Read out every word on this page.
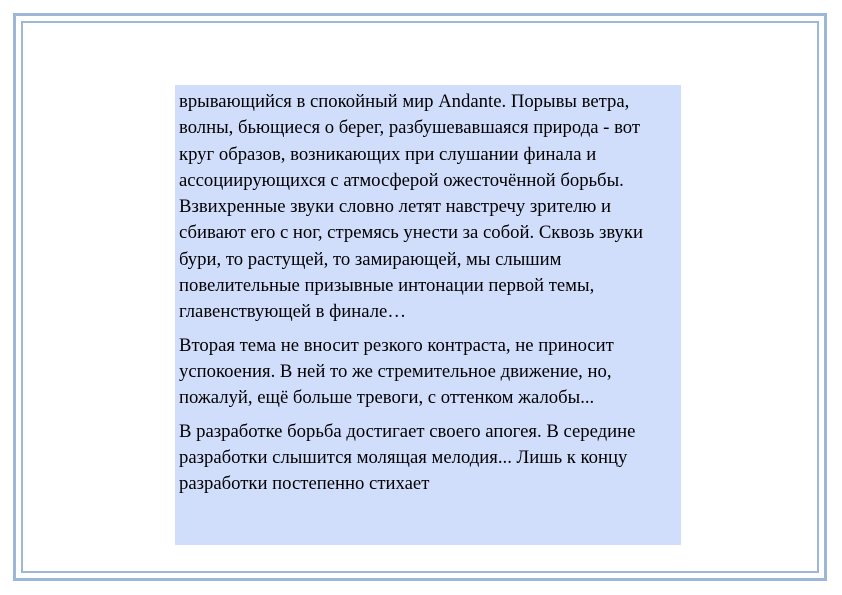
врывающийся в спокойный мир Andante. Порывы ветра, волны, бьющиеся о берег, разбушевавшаяся природа - вот круг образов, возникающих при слушании финала и ассоциирующихся с атмосферой ожесточённой борьбы. Взвихренные звуки словно летят навстречу зрителю и сбивают его с ног, стремясь унести за собой. Сквозь звуки бури, то растущей, то замирающей, мы слышим повелительные призывные интонации первой темы, главенствующей в финале…

Вторая тема не вносит резкого контраста, не приносит успокоения. В ней то же стремительное движение, но, пожалуй, ещё больше тревоги, с оттенком жалобы...

В разработке борьба достигает своего апогея. В середине разработки слышится молящая мелодия... Лишь к концу разработки постепенно стихает
